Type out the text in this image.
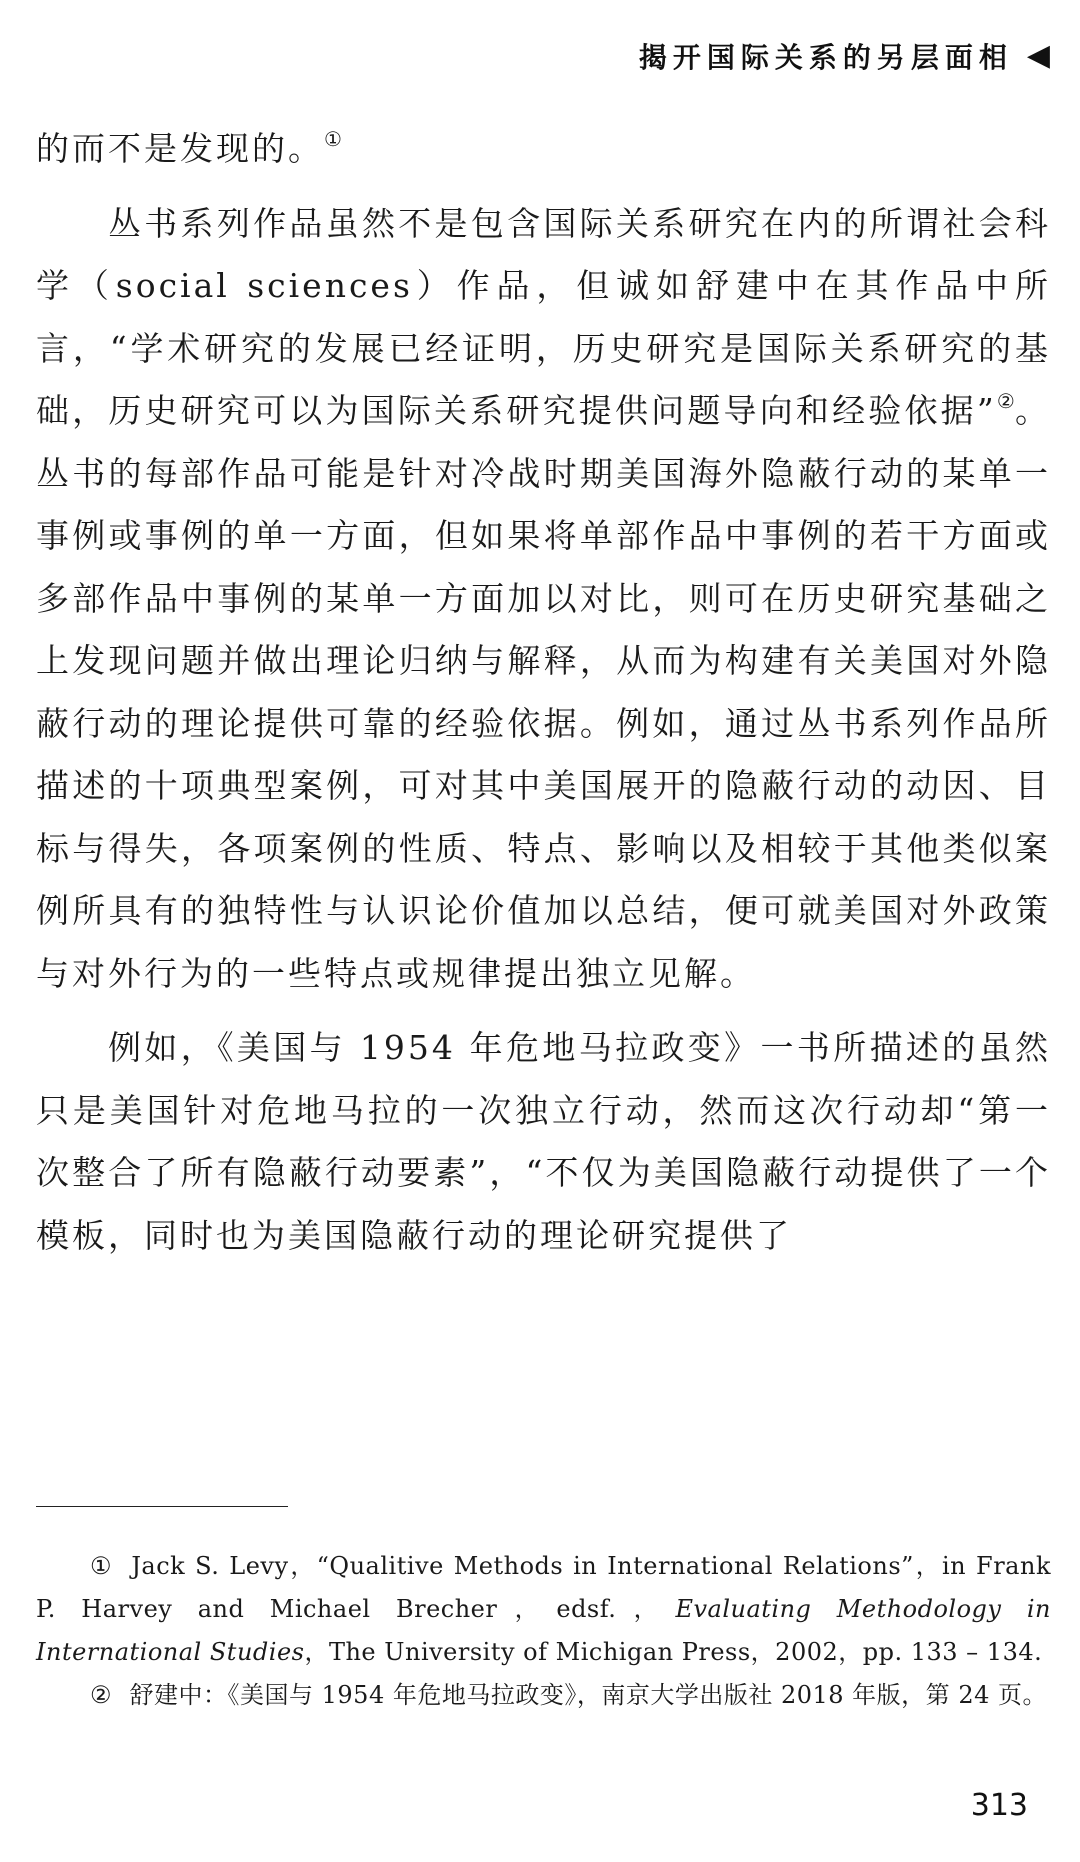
揭开国际关系的另层面相 ◀

的而不是发现的。①

丛书系列作品虽然不是包含国际关系研究在内的所谓社会科学（social sciences）作品，但诚如舒建中在其作品中所言，“学术研究的发展已经证明，历史研究是国际关系研究的基础，历史研究可以为国际关系研究提供问题导向和经验依据”②。丛书的每部作品可能是针对冷战时期美国海外隐蔽行动的某单一事例或事例的单一方面，但如果将单部作品中事例的若干方面或多部作品中事例的某单一方面加以对比，则可在历史研究基础之上发现问题并做出理论归纳与解释，从而为构建有关美国对外隐蔽行动的理论提供可靠的经验依据。例如，通过丛书系列作品所描述的十项典型案例，可对其中美国展开的隐蔽行动的动因、目标与得失，各项案例的性质、特点、影响以及相较于其他类似案例所具有的独特性与认识论价值加以总结，便可就美国对外政策与对外行为的一些特点或规律提出独立见解。

例如，《美国与 1954 年危地马拉政变》一书所描述的虽然只是美国针对危地马拉的一次独立行动，然而这次行动却“第一次整合了所有隐蔽行动要素”，“不仅为美国隐蔽行动提供了一个模板，同时也为美国隐蔽行动的理论研究提供了

① Jack S. Levy，“Qualitive Methods in International Relations”，in Frank P. Harvey and Michael Brecher，edsf.，Evaluating Methodology in International Studies，The University of Michigan Press，2002，pp. 133 – 134.

② 舒建中：《美国与 1954 年危地马拉政变》，南京大学出版社 2018 年版，第 24 页。

313
